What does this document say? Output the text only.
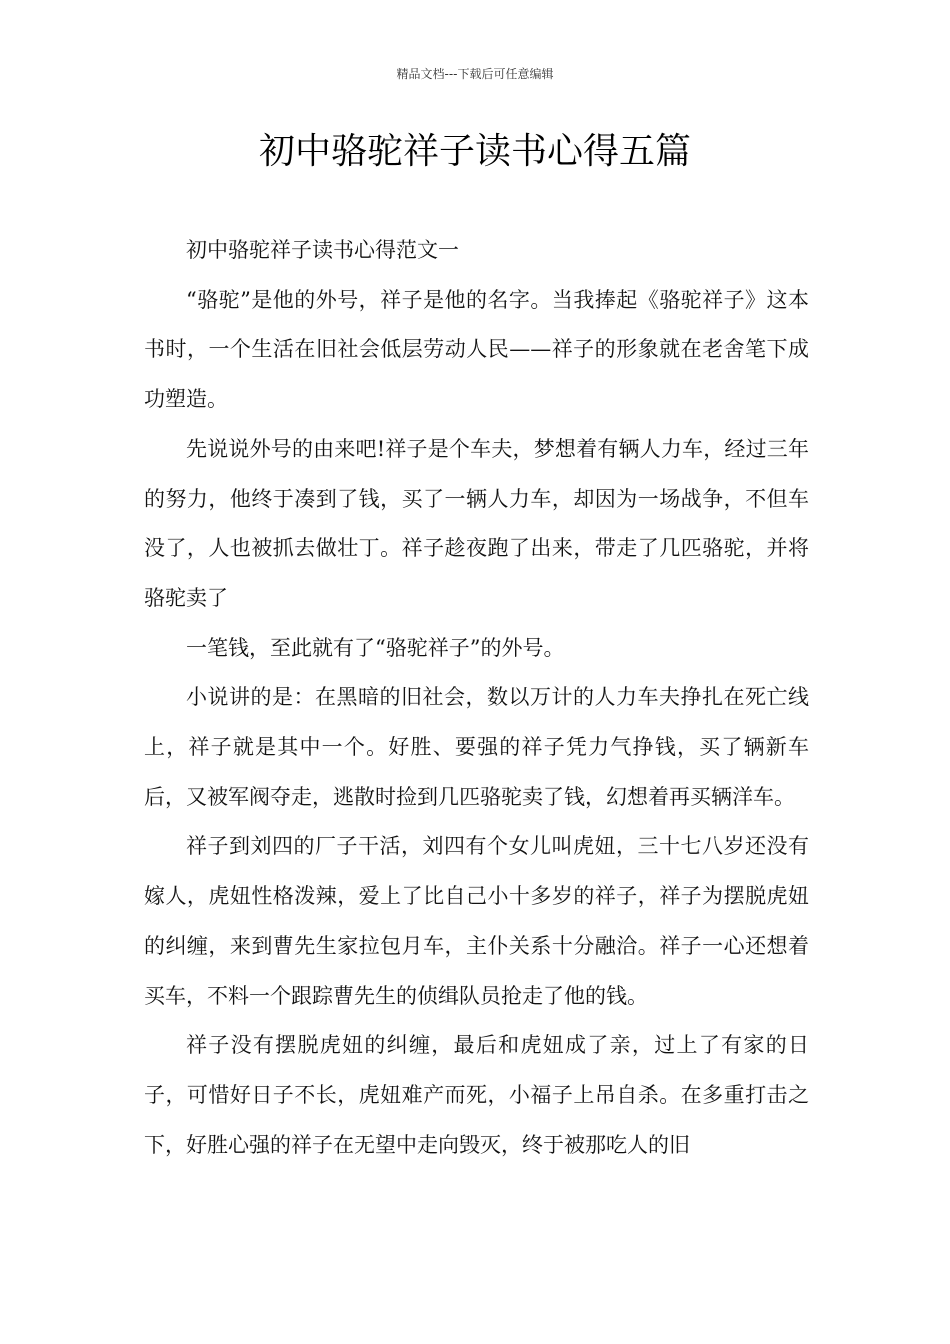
精品文档---下载后可任意编辑
初中骆驼祥子读书心得五篇

初中骆驼祥子读书心得范文一

“骆驼”是他的外号，祥子是他的名字。当我捧起《骆驼祥子》这本书时，一个生活在旧社会低层劳动人民——祥子的形象就在老舍笔下成功塑造。

先说说外号的由来吧!祥子是个车夫，梦想着有辆人力车，经过三年的努力，他终于凑到了钱，买了一辆人力车，却因为一场战争，不但车没了，人也被抓去做壮丁。祥子趁夜跑了出来，带走了几匹骆驼，并将骆驼卖了

一笔钱，至此就有了“骆驼祥子”的外号。

小说讲的是：在黑暗的旧社会，数以万计的人力车夫挣扎在死亡线上，祥子就是其中一个。好胜、要强的祥子凭力气挣钱，买了辆新车后，又被军阀夺走，逃散时捡到几匹骆驼卖了钱，幻想着再买辆洋车。

祥子到刘四的厂子干活，刘四有个女儿叫虎妞，三十七八岁还没有嫁人，虎妞性格泼辣，爱上了比自己小十多岁的祥子，祥子为摆脱虎妞的纠缠，来到曹先生家拉包月车，主仆关系十分融洽。祥子一心还想着买车，不料一个跟踪曹先生的侦缉队员抢走了他的钱。

祥子没有摆脱虎妞的纠缠，最后和虎妞成了亲，过上了有家的日子，可惜好日子不长，虎妞难产而死，小福子上吊自杀。在多重打击之下，好胜心强的祥子在无望中走向毁灭，终于被那吃人的旧
